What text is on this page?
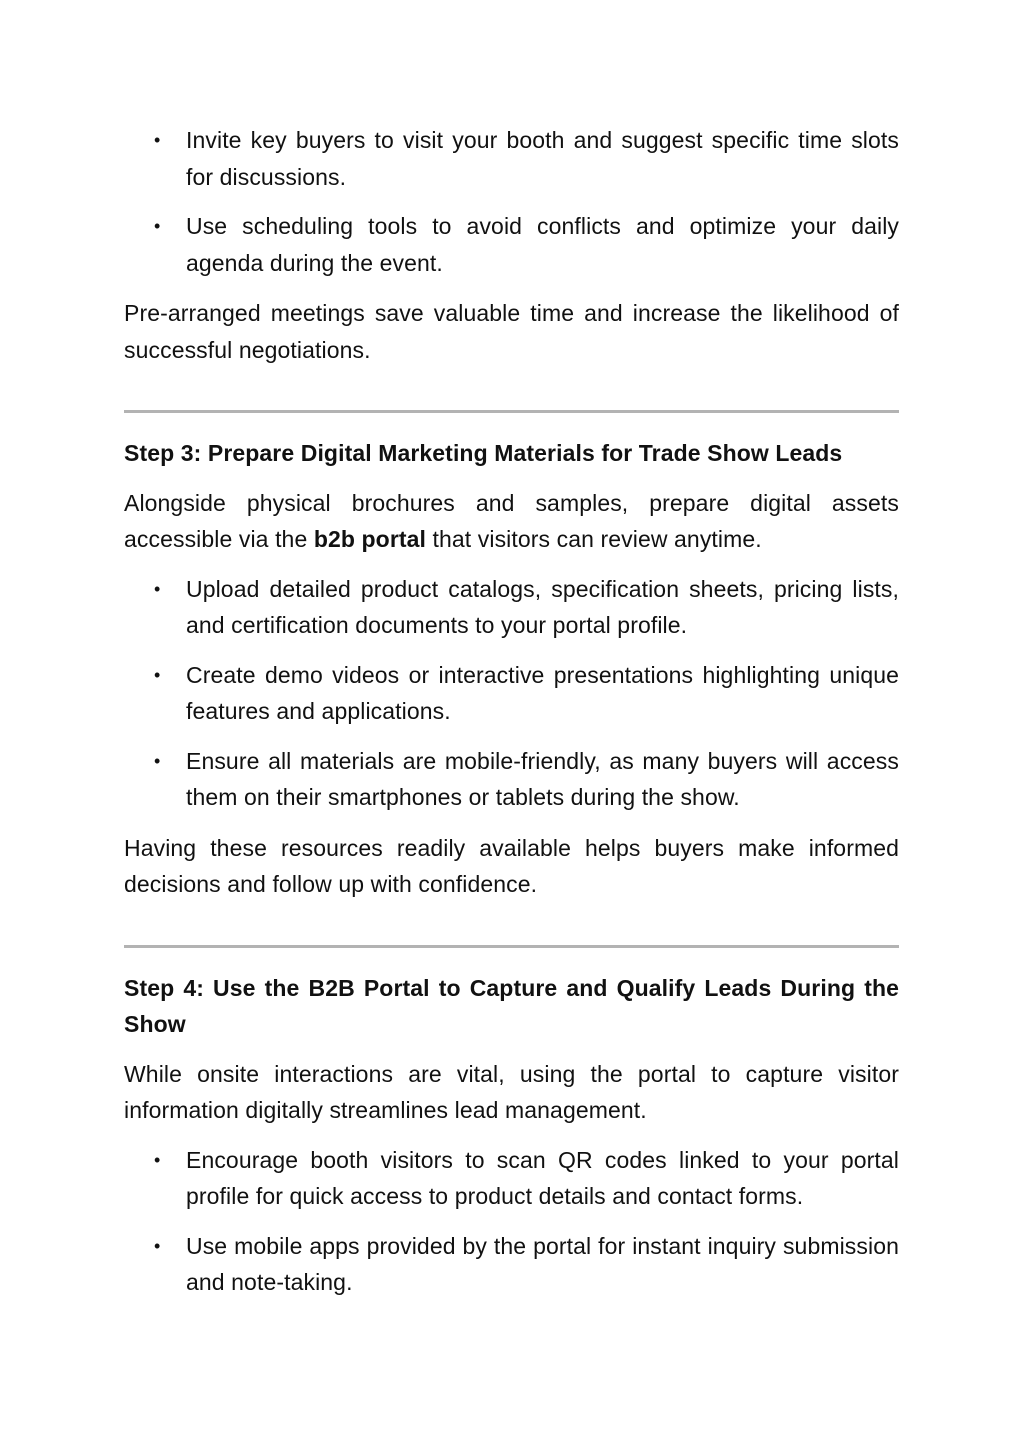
• Invite key buyers to visit your booth and suggest specific time slots for discussions.
• Use scheduling tools to avoid conflicts and optimize your daily agenda during the event.

Pre-arranged meetings save valuable time and increase the likelihood of successful negotiations.

Step 3: Prepare Digital Marketing Materials for Trade Show Leads

Alongside physical brochures and samples, prepare digital assets accessible via the b2b portal that visitors can review anytime.

• Upload detailed product catalogs, specification sheets, pricing lists, and certification documents to your portal profile.
• Create demo videos or interactive presentations highlighting unique features and applications.
• Ensure all materials are mobile-friendly, as many buyers will access them on their smartphones or tablets during the show.

Having these resources readily available helps buyers make informed decisions and follow up with confidence.

Step 4: Use the B2B Portal to Capture and Qualify Leads During the Show

While onsite interactions are vital, using the portal to capture visitor information digitally streamlines lead management.

• Encourage booth visitors to scan QR codes linked to your portal profile for quick access to product details and contact forms.
• Use mobile apps provided by the portal for instant inquiry submission and note-taking.
